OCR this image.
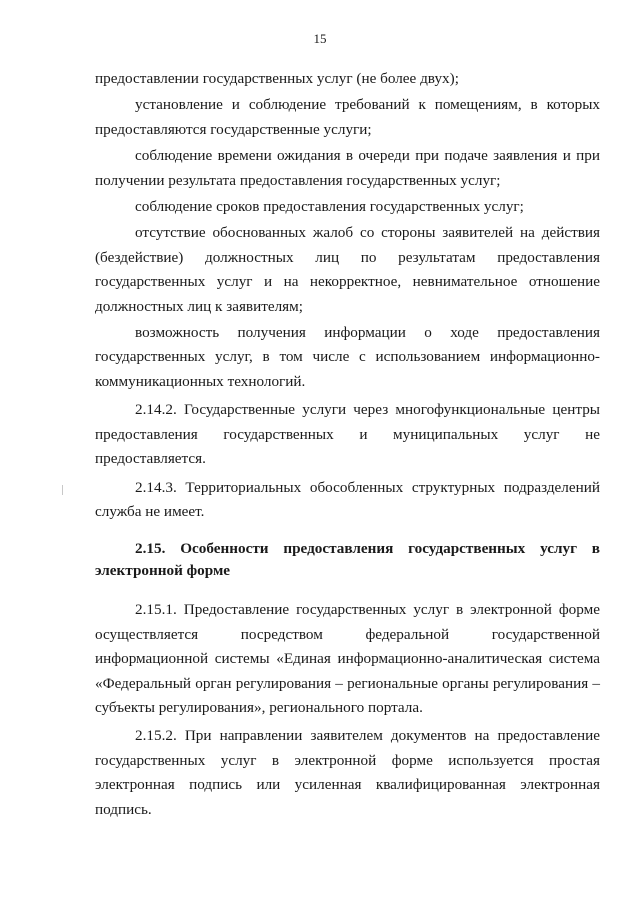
15

предоставлении государственных услуг (не более двух);

установление и соблюдение требований к помещениям, в которых предоставляются государственные услуги;

соблюдение времени ожидания в очереди при подаче заявления и при получении результата предоставления государственных услуг;

соблюдение сроков предоставления государственных услуг;

отсутствие обоснованных жалоб со стороны заявителей на действия (бездействие) должностных лиц по результатам предоставления государственных услуг и на некорректное, невнимательное отношение должностных лиц к заявителям;

возможность получения информации о ходе предоставления государственных услуг, в том числе с использованием информационно-коммуникационных технологий.

2.14.2. Государственные услуги через многофункциональные центры предоставления государственных и муниципальных услуг не предоставляется.

2.14.3. Территориальных обособленных структурных подразделений служба не имеет.

2.15. Особенности предоставления государственных услуг в электронной форме

2.15.1. Предоставление государственных услуг в электронной форме осуществляется посредством федеральной государственной информационной системы «Единая информационно-аналитическая система «Федеральный орган регулирования – региональные органы регулирования – субъекты регулирования», регионального портала.

2.15.2. При направлении заявителем документов на предоставление государственных услуг в электронной форме используется простая электронная подпись или усиленная квалифицированная электронная подпись.
